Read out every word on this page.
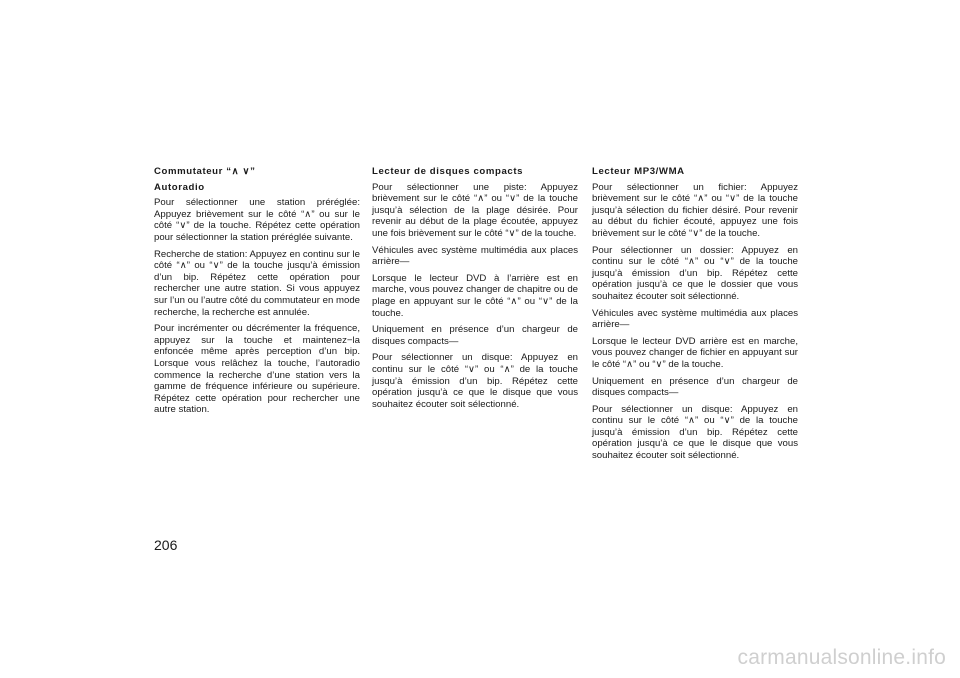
Commutateur “∧ ∨”
Autoradio

Pour sélectionner une station préréglée: Appuyez brièvement sur le côté “∧” ou sur le côté “∨” de la touche. Répétez cette opération pour sélectionner la station préréglée suivante.

Recherche de station: Appuyez en continu sur le côté “∧” ou “∨” de la touche jusqu’à émission d’un bip. Répétez cette opération pour rechercher une autre station. Si vous appuyez sur l’un ou l’autre côté du commutateur en mode recherche, la recherche est annulée.

Pour incrémenter ou décrémenter la fréquence, appuyez sur la touche et maintenez−la enfoncée même après perception d’un bip. Lorsque vous relâchez la touche, l’autoradio commence la recherche d’une station vers la gamme de fréquence inférieure ou supérieure. Répétez cette opération pour rechercher une autre station.

Lecteur de disques compacts

Pour sélectionner une piste: Appuyez brièvement sur le côté “∧” ou “∨” de la touche jusqu’à sélection de la plage désirée. Pour revenir au début de la plage écoutée, appuyez une fois brièvement sur le côté “∨” de la touche.

Véhicules avec système multimédia aux places arrière—

Lorsque le lecteur DVD à l’arrière est en marche, vous pouvez changer de chapitre ou de plage en appuyant sur le côté “∧” ou “∨” de la touche.

Uniquement en présence d’un chargeur de disques compacts—

Pour sélectionner un disque: Appuyez en continu sur le côté “∨” ou “∧” de la touche jusqu’à émission d’un bip. Répétez cette opération jusqu’à ce que le disque que vous souhaitez écouter soit sélectionné.

Lecteur MP3/WMA

Pour sélectionner un fichier: Appuyez brièvement sur le côté “∧” ou “∨” de la touche jusqu’à sélection du fichier désiré. Pour revenir au début du fichier écouté, appuyez une fois brièvement sur le côté “∨” de la touche.

Pour sélectionner un dossier: Appuyez en continu sur le côté “∧” ou “∨” de la touche jusqu’à émission d’un bip. Répétez cette opération jusqu’à ce que le dossier que vous souhaitez écouter soit sélectionné.

Véhicules avec système multimédia aux places arrière—

Lorsque le lecteur DVD arrière est en marche, vous pouvez changer de fichier en appuyant sur le côté “∧” ou “∨” de la touche.

Uniquement en présence d’un chargeur de disques compacts—

Pour sélectionner un disque: Appuyez en continu sur le côté “∧” ou “∨” de la touche jusqu’à émission d’un bip. Répétez cette opération jusqu’à ce que le disque que vous souhaitez écouter soit sélectionné.

206
carmanualsonline.info
